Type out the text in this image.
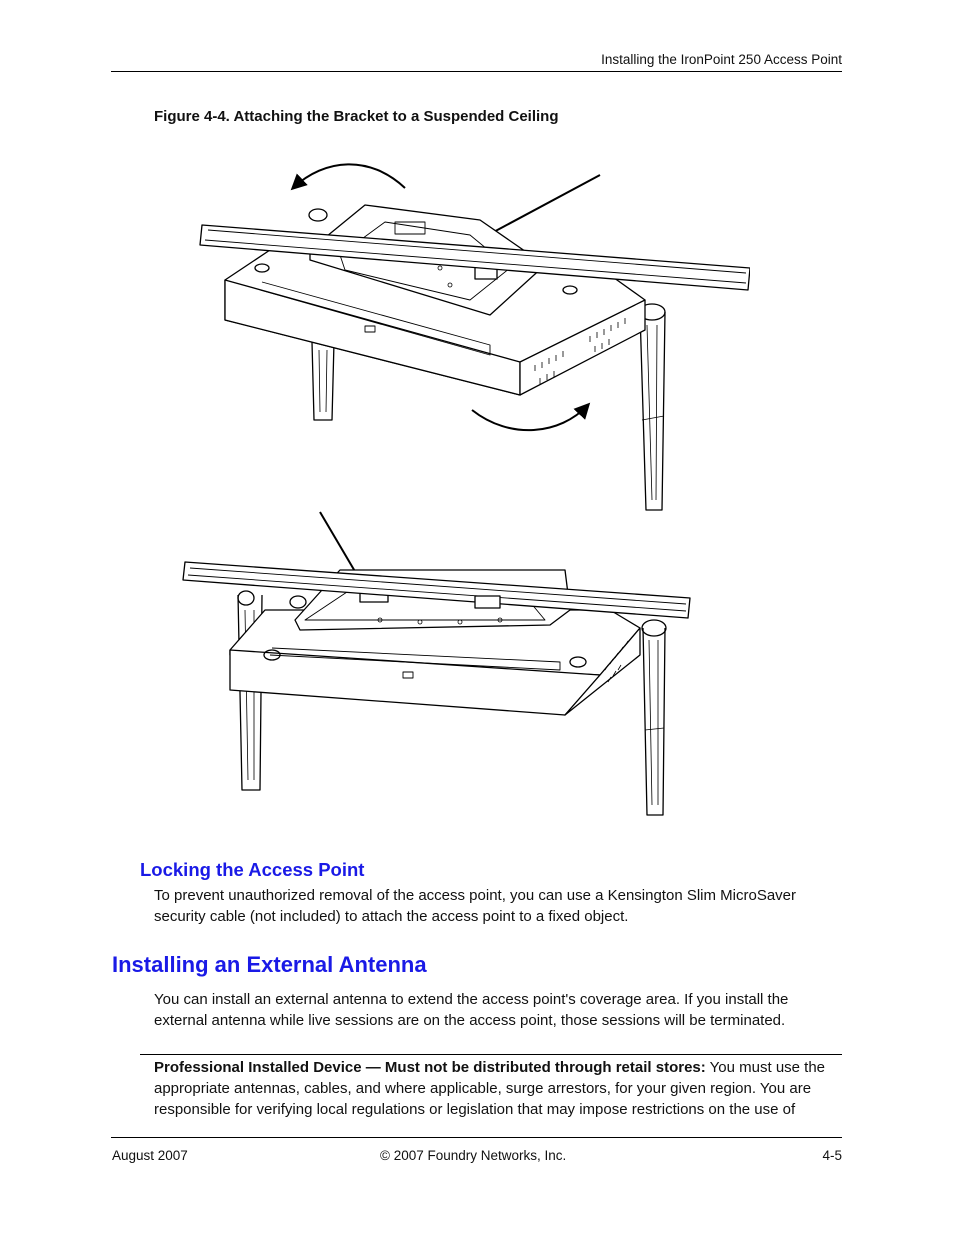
Installing the IronPoint 250 Access Point
Figure 4-4. Attaching the Bracket to a Suspended Ceiling
Locking the Access Point
To prevent unauthorized removal of the access point, you can use a Kensington Slim MicroSaver security cable (not included) to attach the access point to a fixed object.
Installing an External Antenna
You can install an external antenna to extend the access point's coverage area. If you install the external antenna while live sessions are on the access point, those sessions will be terminated.
Professional Installed Device — Must not be distributed through retail stores: You must use the appropriate antennas, cables, and where applicable, surge arrestors, for your given region. You are responsible for verifying local regulations or legislation that may impose restrictions on the use of
August 2007	© 2007 Foundry Networks, Inc.	4-5
